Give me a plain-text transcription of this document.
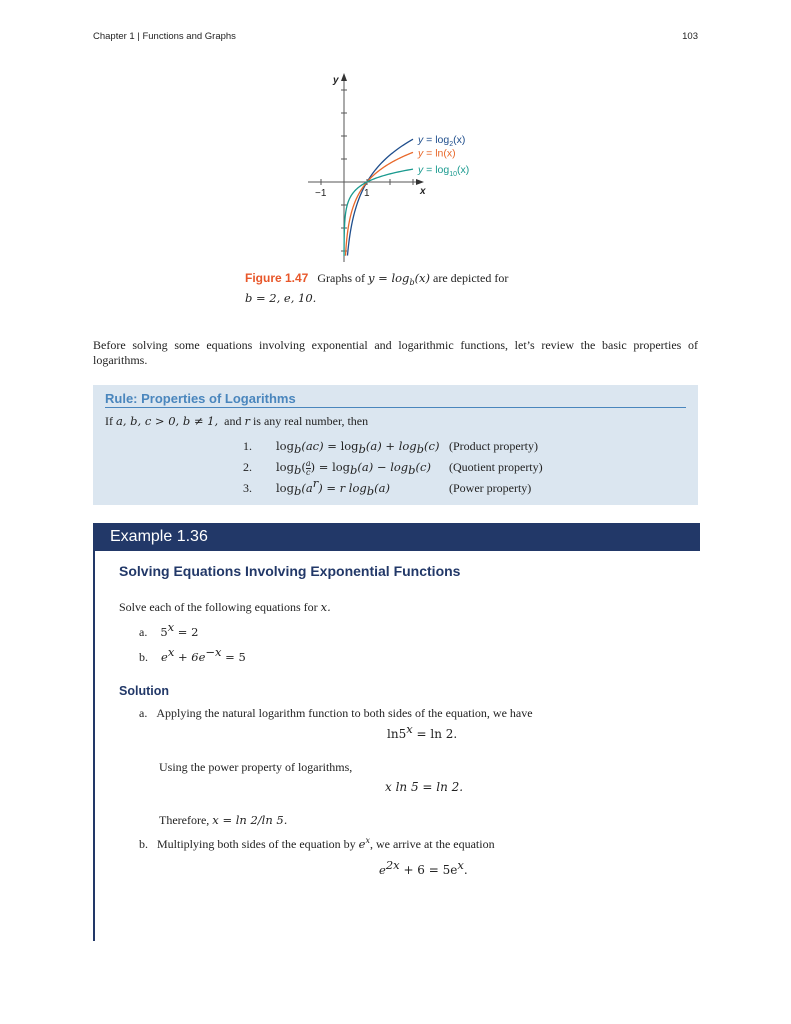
Chapter 1 | Functions and Graphs	103
−1	1	x
y
$y = \log_2(x)$
y = ln(x)
$y = \log_{10}(x)$
Figure 1.47 Graphs of $y = \log_b(x)$ are depicted for
b = 2, e, 10.

Before solving some equations involving exponential and logarithmic functions, let’s review the basic properties of logarithms.

Rule: Properties of Logarithms
If a, b, c > 0, b ≠ 1, and r is any real number, then
1.	$\log_b(ac) = \log_b(a) + \log_b(c)$ (Product property)
2.	$\log_b( \frac{a}{c}$ ) = $\log_b(a) - \log_b(c)$ (Quotient property)
3.	$\log_b(a^r) = r$ $\log_b(a)$	(Power property)
Example 1.36
Solving Equations Involving Exponential Functions
Solve each of the following equations for x.
a. $5^x = 2$
b. $e^x + 6e^{-x} = 5$
Solution
a. Applying the natural logarithm function to both sides of the equation, we have
$\ln 5^x = \ln 2$.
Using the power property of logarithms,
x ln 5 = ln 2.
Therefore, x = ln 2/ln 5.
b. Multiplying both sides of the equation by $e^x$, we arrive at the equation
$e^{2x} + 6 = 5e^x$.
